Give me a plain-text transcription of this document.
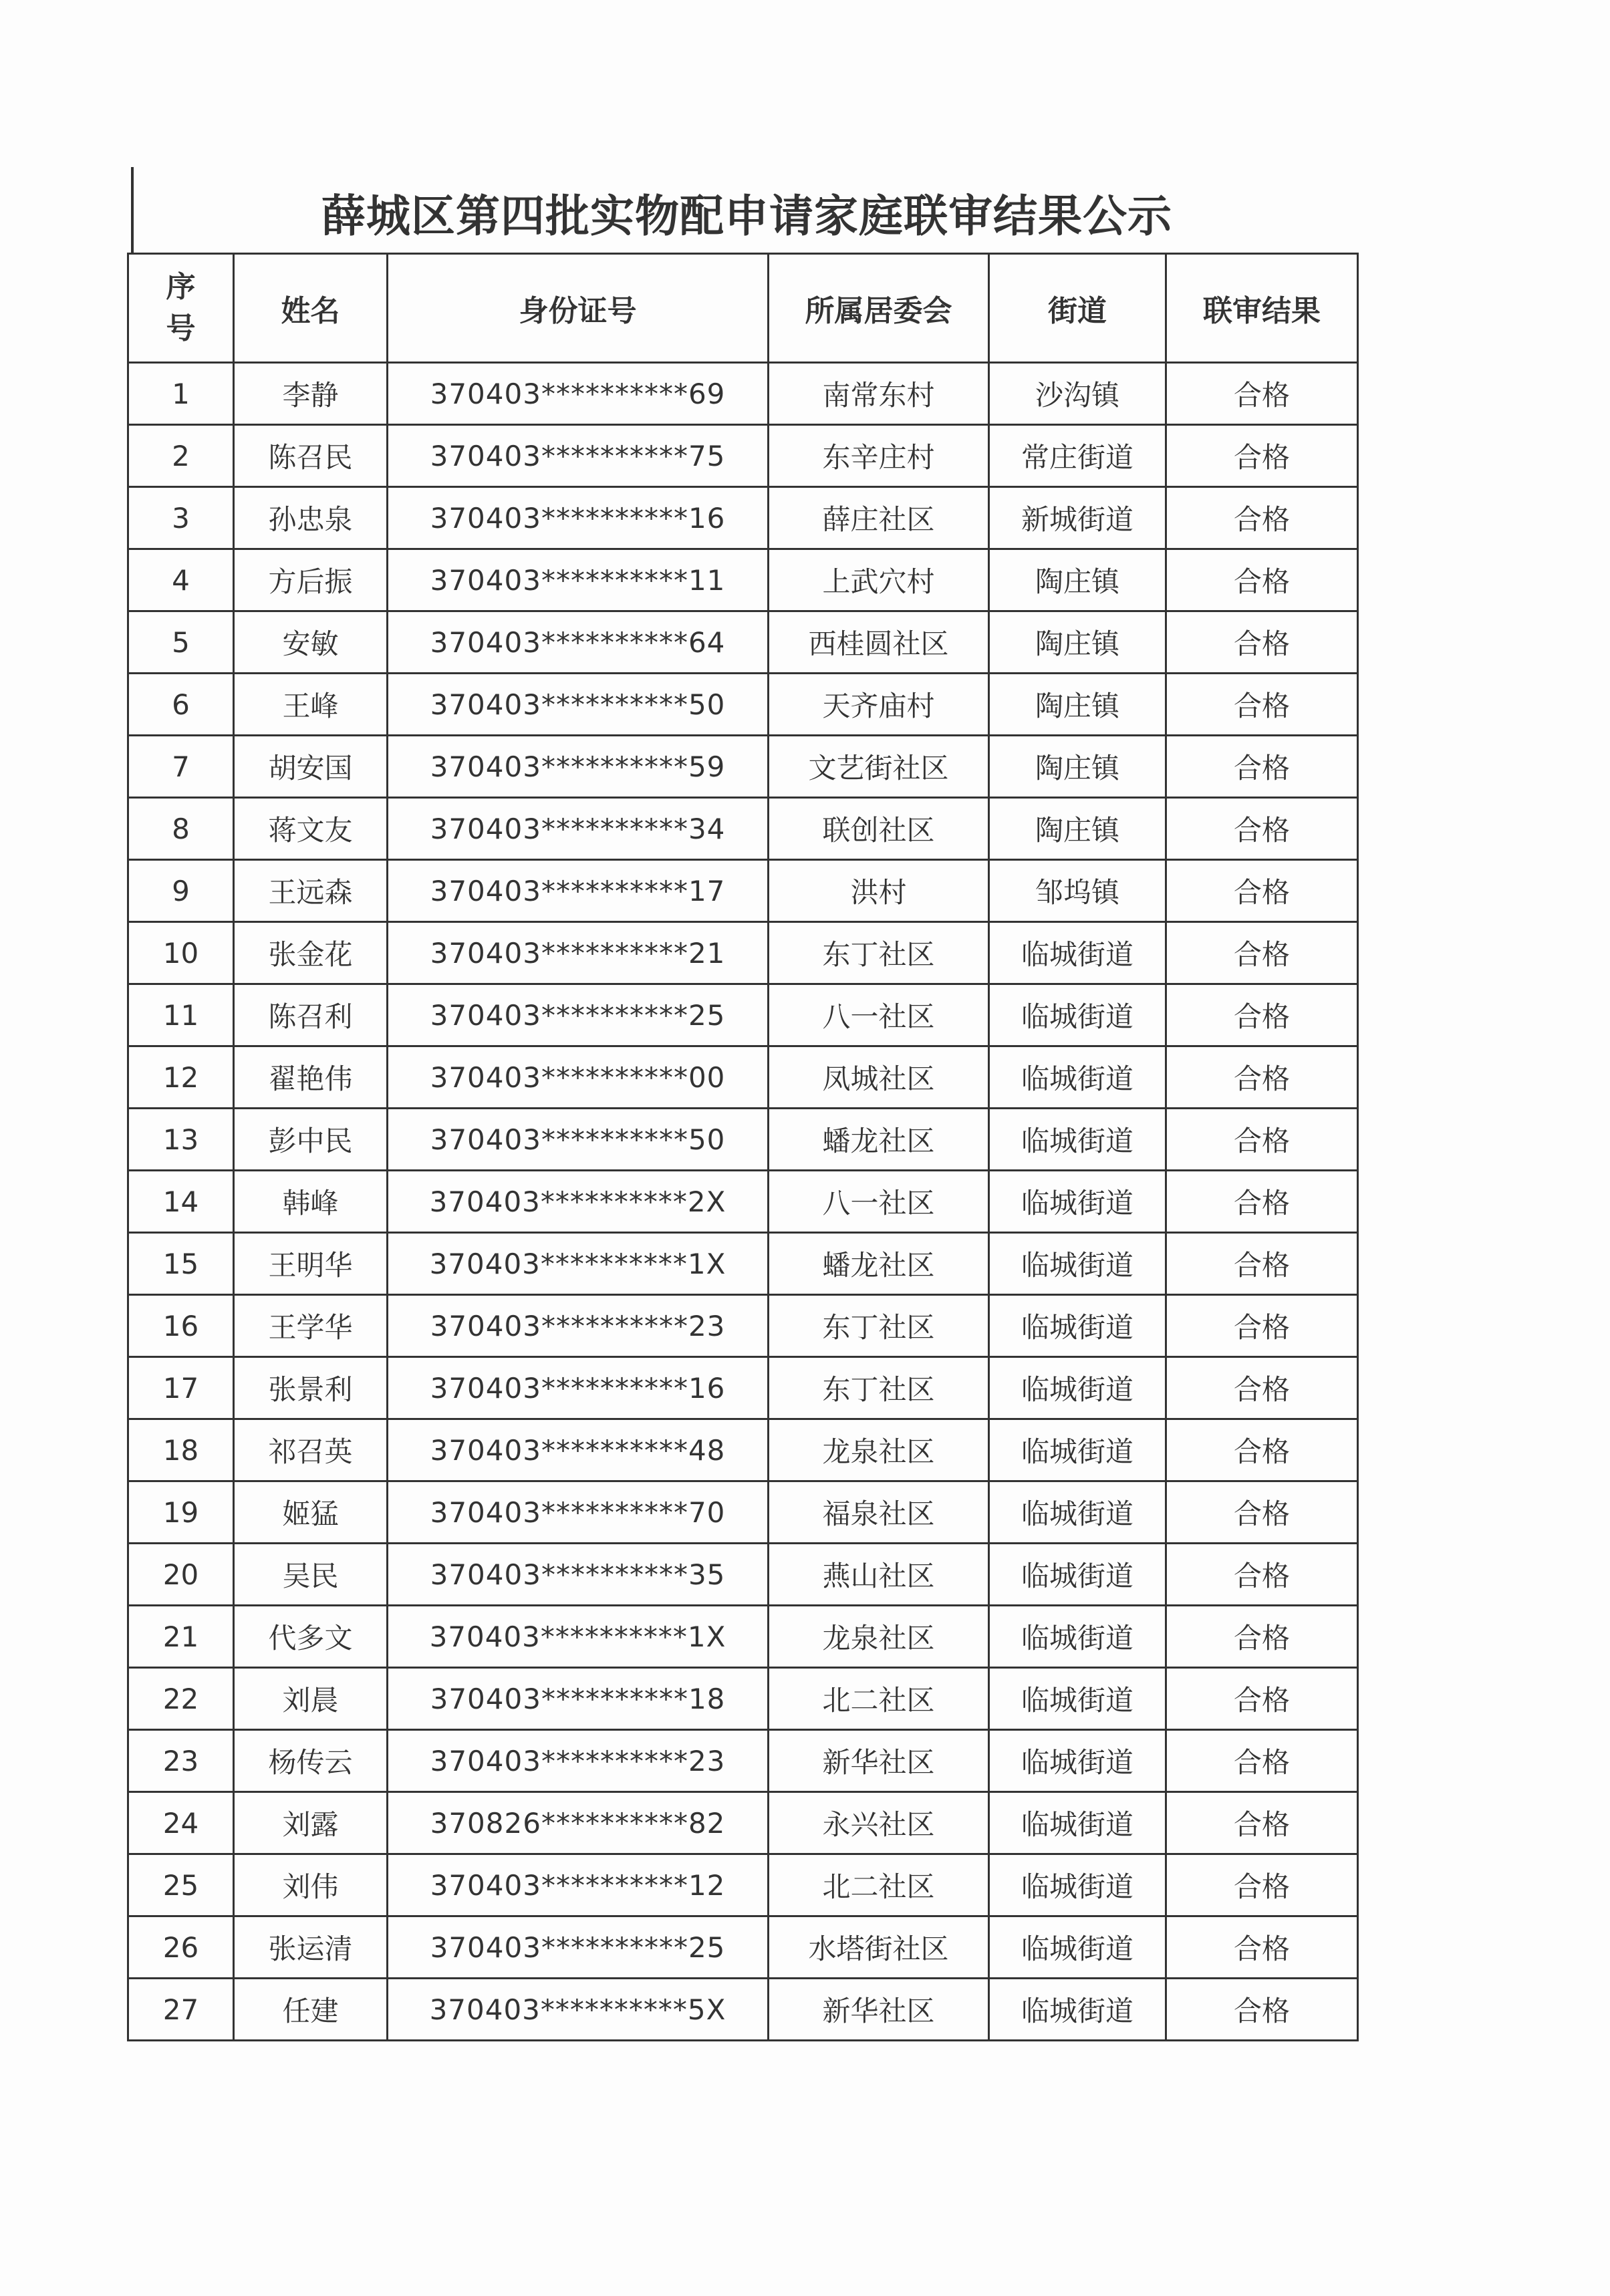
薛城区第四批实物配申请家庭联审结果公示
序
号	姓名	身份证号	所属居委会	街道	联审结果
1	李静	370403**********69	南常东村	沙沟镇	合格
2	陈召民	370403**********75	东辛庄村	常庄街道	合格
3	孙忠泉	370403**********16	薛庄社区	新城街道	合格
4	方后振	370403**********11	上武穴村	陶庄镇	合格
5	安敏	370403**********64	西桂圆社区	陶庄镇	合格
6	王峰	370403**********50	天齐庙村	陶庄镇	合格
7	胡安国	370403**********59	文艺街社区	陶庄镇	合格
8	蒋文友	370403**********34	联创社区	陶庄镇	合格
9	王远森	370403**********17	洪村	邹坞镇	合格
10	张金花	370403**********21	东丁社区	临城街道	合格
11	陈召利	370403**********25	八一社区	临城街道	合格
12	翟艳伟	370403**********00	凤城社区	临城街道	合格
13	彭中民	370403**********50	蟠龙社区	临城街道	合格
14	韩峰	370403**********2X	八一社区	临城街道	合格
15	王明华	370403**********1X	蟠龙社区	临城街道	合格
16	王学华	370403**********23	东丁社区	临城街道	合格
17	张景利	370403**********16	东丁社区	临城街道	合格
18	祁召英	370403**********48	龙泉社区	临城街道	合格
19	姬猛	370403**********70	福泉社区	临城街道	合格
20	吴民	370403**********35	燕山社区	临城街道	合格
21	代多文	370403**********1X	龙泉社区	临城街道	合格
22	刘晨	370403**********18	北二社区	临城街道	合格
23	杨传云	370403**********23	新华社区	临城街道	合格
24	刘露	370826**********82	永兴社区	临城街道	合格
25	刘伟	370403**********12	北二社区	临城街道	合格
26	张运清	370403**********25	水塔街社区	临城街道	合格
27	任建	370403**********5X	新华社区	临城街道	合格
